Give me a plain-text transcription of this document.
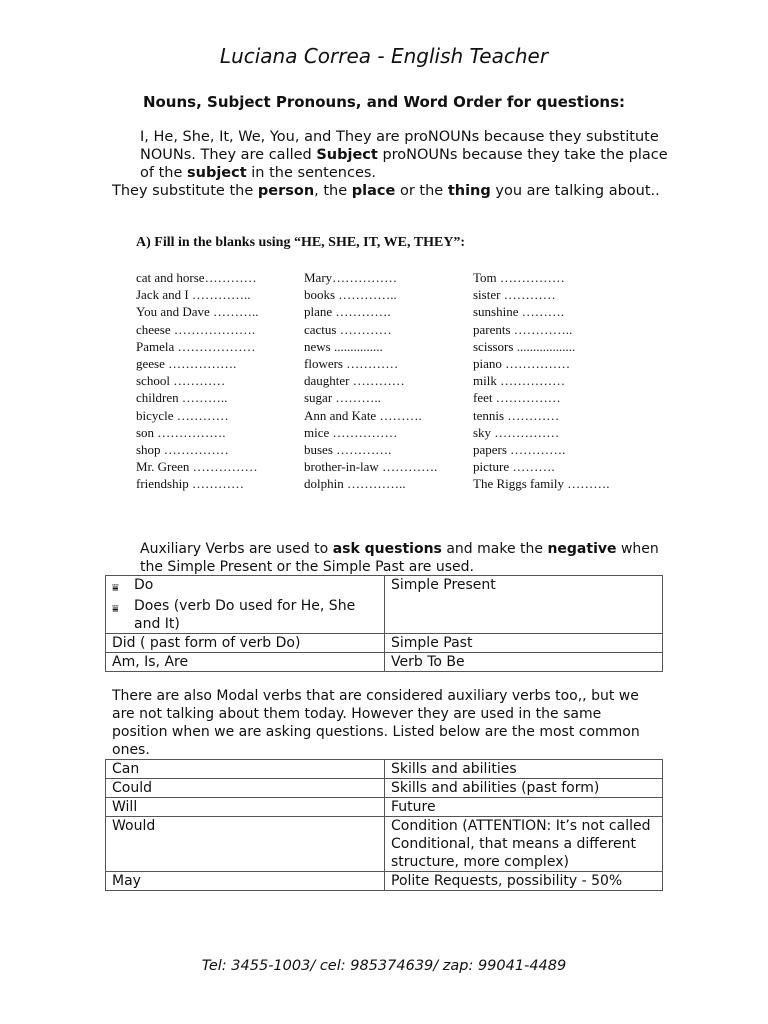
Luciana Correa - English Teacher
Nouns, Subject Pronouns, and Word Order for questions:

I, He, She, It, We, You, and They are proNOUNs because they substitute NOUNs. They are called Subject proNOUNs because they take the place of the subject in the sentences.

They substitute the person, the place or the thing you are talking about..

A) Fill in the blanks using “HE, SHE, IT, WE, THEY”:
cat and horse…………
Jack and I …………..
You and Dave ………..
cheese ……………….
Pamela ………………
geese …………….
school …………
children ………..
bicycle …………
son …………….
shop ……………
Mr. Green ……………
friendship …………
Mary……………
books …………..
plane ………….
cactus …………
news ...............
flowers …………
daughter …………
sugar ………..
Ann and Kate ……….
mice ……………
buses ………….
brother-in-law ………….
dolphin …………..
Tom ……………
sister …………
sunshine ……….
parents …………..
scissors ..................
piano ……………
milk ……………
feet ……………
tennis …………
sky ……………
papers ………….
picture ……….
The Riggs family ……….

Auxiliary Verbs are used to ask questions and make the negative when the Simple Present or the Simple Past are used.

⩸ Do
⩸ Does (verb Do used for He, She and It)	Simple Present
Did ( past form of verb Do)	Simple Past
Am, Is, Are	Verb To Be

There are also Modal verbs that are considered auxiliary verbs too,, but we are not talking about them today. However they are used in the same position when we are asking questions. Listed below are the most common ones.

Can	Skills and abilities
Could	Skills and abilities (past form)
Will	Future
Would	Condition (ATTENTION: It’s not called Conditional, that means a different structure, more complex)
May	Polite Requests, possibility - 50%
Tel: 3455-1003/ cel: 985374639/ zap: 99041-4489
